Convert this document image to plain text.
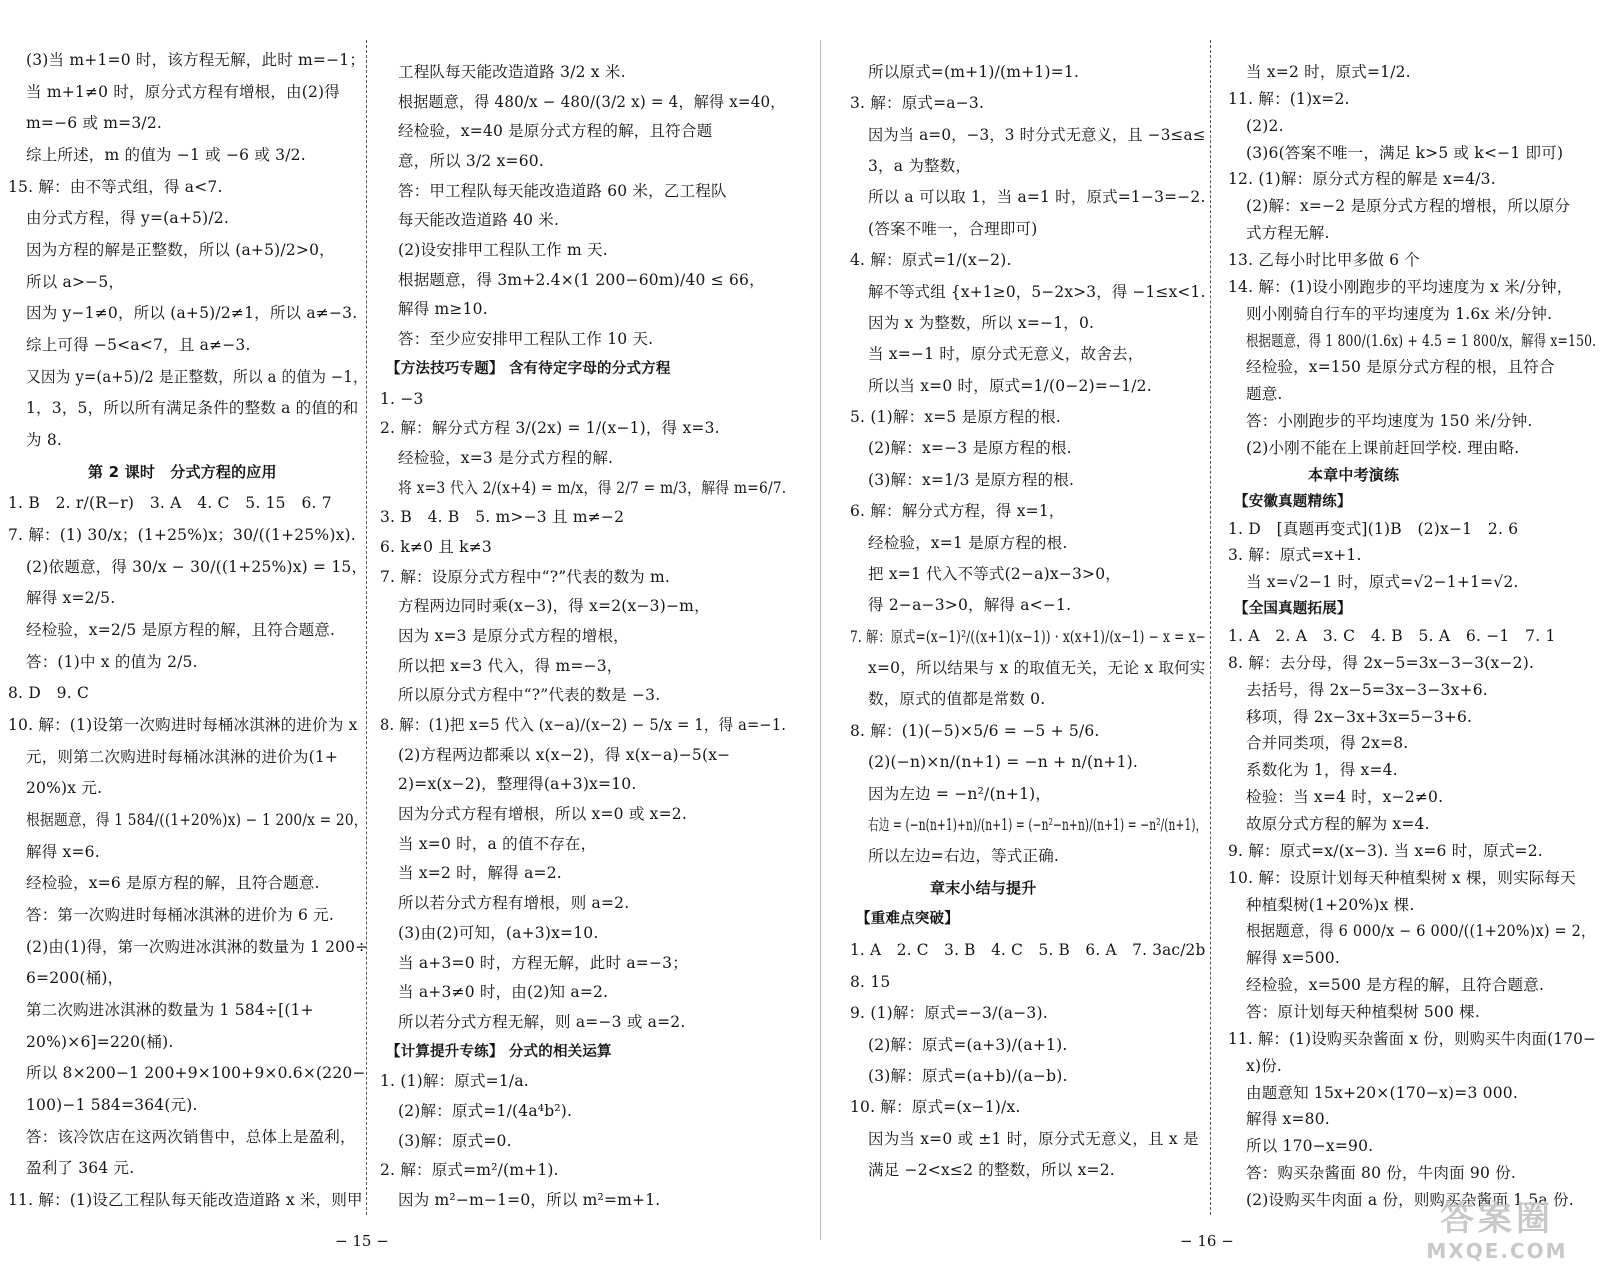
(3)当 m+1=0 时，该方程无解，此时 m=−1；
当 m+1≠0 时，原分式方程有增根，由(2)得
m=−6 或 m=3/2.
综上所述，m 的值为 −1 或 −6 或 3/2.
15. 解：由不等式组，得 a<7.
由分式方程，得 y=(a+5)/2.
因为方程的解是正整数，所以 (a+5)/2>0，
所以 a>−5，
因为 y−1≠0，所以 (a+5)/2≠1，所以 a≠−3.
综上可得 −5<a<7，且 a≠−3.
又因为 y=(a+5)/2 是正整数，所以 a 的值为 −1，
1，3，5，所以所有满足条件的整数 a 的值的和
为 8.
第 2 课时　分式方程的应用
1. B　2. r/(R−r)　3. A　4. C　5. 15　6. 7
7. 解：(1) 30/x；(1+25%)x；30/((1+25%)x).
(2)依题意，得 30/x − 30/((1+25%)x) = 15，
解得 x=2/5.
经检验，x=2/5 是原方程的解，且符合题意.
答：(1)中 x 的值为 2/5.
8. D　9. C
10. 解：(1)设第一次购进时每桶冰淇淋的进价为 x
元，则第二次购进时每桶冰淇淋的进价为(1+
20%)x 元.
根据题意，得 1 584/((1+20%)x) − 1 200/x = 20，
解得 x=6.
经检验，x=6 是原方程的解，且符合题意.
答：第一次购进时每桶冰淇淋的进价为 6 元.
(2)由(1)得，第一次购进冰淇淋的数量为 1 200÷
6=200(桶)，
第二次购进冰淇淋的数量为 1 584÷[(1+
20%)×6]=220(桶).
所以 8×200−1 200+9×100+9×0.6×(220−
100)−1 584=364(元).
答：该冷饮店在这两次销售中，总体上是盈利，
盈利了 364 元.
11. 解：(1)设乙工程队每天能改造道路 x 米，则甲
工程队每天能改造道路 3/2 x 米.
根据题意，得 480/x − 480/(3/2 x) = 4，解得 x=40，
经检验，x=40 是原分式方程的解，且符合题
意，所以 3/2 x=60.
答：甲工程队每天能改造道路 60 米，乙工程队
每天能改造道路 40 米.
(2)设安排甲工程队工作 m 天.
根据题意，得 3m+2.4×(1 200−60m)/40 ≤ 66，
解得 m≥10.
答：至少应安排甲工程队工作 10 天.
【方法技巧专题】 含有待定字母的分式方程
1. −3
2. 解：解分式方程 3/(2x) = 1/(x−1)，得 x=3.
经检验，x=3 是分式方程的解.
将 x=3 代入 2/(x+4) = m/x，得 2/7 = m/3，解得 m=6/7.
3. B　4. B　5. m>−3 且 m≠−2
6. k≠0 且 k≠3
7. 解：设原分式方程中“?”代表的数为 m.
方程两边同时乘(x−3)，得 x=2(x−3)−m，
因为 x=3 是原分式方程的增根，
所以把 x=3 代入，得 m=−3，
所以原分式方程中“?”代表的数是 −3.
8. 解：(1)把 x=5 代入 (x−a)/(x−2) − 5/x = 1，得 a=−1.
(2)方程两边都乘以 x(x−2)，得 x(x−a)−5(x−
2)=x(x−2)，整理得(a+3)x=10.
因为分式方程有增根，所以 x=0 或 x=2.
当 x=0 时，a 的值不存在，
当 x=2 时，解得 a=2.
所以若分式方程有增根，则 a=2.
(3)由(2)可知，(a+3)x=10.
当 a+3=0 时，方程无解，此时 a=−3；
当 a+3≠0 时，由(2)知 a=2.
所以若分式方程无解，则 a=−3 或 a=2.
【计算提升专练】 分式的相关运算
1. (1)解：原式=1/a.
(2)解：原式=1/(4a⁴b²).
(3)解：原式=0.
2. 解：原式=m²/(m+1).
因为 m²−m−1=0，所以 m²=m+1.
− 15 −
所以原式=(m+1)/(m+1)=1.
3. 解：原式=a−3.
因为当 a=0，−3，3 时分式无意义，且 −3≤a≤
3，a 为整数，
所以 a 可以取 1，当 a=1 时，原式=1−3=−2.
(答案不唯一，合理即可)
4. 解：原式=1/(x−2).
解不等式组 {x+1≥0，5−2x>3，得 −1≤x<1.
因为 x 为整数，所以 x=−1，0.
当 x=−1 时，原分式无意义，故舍去，
所以当 x=0 时，原式=1/(0−2)=−1/2.
5. (1)解：x=5 是原方程的根.
(2)解：x=−3 是原方程的根.
(3)解：x=1/3 是原方程的根.
6. 解：解分式方程，得 x=1，
经检验，x=1 是原方程的根.
把 x=1 代入不等式(2−a)x−3>0，
得 2−a−3>0，解得 a<−1.
7. 解：原式=(x−1)²/((x+1)(x−1)) · x(x+1)/(x−1) − x = x−
x=0，所以结果与 x 的取值无关，无论 x 取何实
数，原式的值都是常数 0.
8. 解：(1)(−5)×5/6 = −5 + 5/6.
(2)(−n)×n/(n+1) = −n + n/(n+1).
因为左边 = −n²/(n+1)，
右边 = (−n(n+1)+n)/(n+1) = (−n²−n+n)/(n+1) = −n²/(n+1)，
所以左边=右边，等式正确.
章末小结与提升
【重难点突破】
1. A　2. C　3. B　4. C　5. B　6. A　7. 3ac/2b
8. 15
9. (1)解：原式=−3/(a−3).
(2)解：原式=(a+3)/(a+1).
(3)解：原式=(a+b)/(a−b).
10. 解：原式=(x−1)/x.
因为当 x=0 或 ±1 时，原分式无意义，且 x 是
满足 −2<x≤2 的整数，所以 x=2.
当 x=2 时，原式=1/2.
11. 解：(1)x=2.
(2)2.
(3)6(答案不唯一，满足 k>5 或 k<−1 即可)
12. (1)解：原分式方程的解是 x=4/3.
(2)解：x=−2 是原分式方程的增根，所以原分
式方程无解.
13. 乙每小时比甲多做 6 个
14. 解：(1)设小刚跑步的平均速度为 x 米/分钟，
则小刚骑自行车的平均速度为 1.6x 米/分钟.
根据题意，得 1 800/(1.6x) + 4.5 = 1 800/x，解得 x=150.
经检验，x=150 是原分式方程的根，且符合
题意.
答：小刚跑步的平均速度为 150 米/分钟.
(2)小刚不能在上课前赶回学校. 理由略.
本章中考演练
【安徽真题精练】
1. D　[真题再变式](1)B　(2)x−1　2. 6
3. 解：原式=x+1.
当 x=√2−1 时，原式=√2−1+1=√2.
【全国真题拓展】
1. A　2. A　3. C　4. B　5. A　6. −1　7. 1
8. 解：去分母，得 2x−5=3x−3−3(x−2).
去括号，得 2x−5=3x−3−3x+6.
移项，得 2x−3x+3x=5−3+6.
合并同类项，得 2x=8.
系数化为 1，得 x=4.
检验：当 x=4 时，x−2≠0.
故原分式方程的解为 x=4.
9. 解：原式=x/(x−3). 当 x=6 时，原式=2.
10. 解：设原计划每天种植梨树 x 棵，则实际每天
种植梨树(1+20%)x 棵.
根据题意，得 6 000/x − 6 000/((1+20%)x) = 2，
解得 x=500.
经检验，x=500 是方程的解，且符合题意.
答：原计划每天种植梨树 500 棵.
11. 解：(1)设购买杂酱面 x 份，则购买牛肉面(170−
x)份.
由题意知 15x+20×(170−x)=3 000.
解得 x=80.
所以 170−x=90.
答：购买杂酱面 80 份，牛肉面 90 份.
(2)设购买牛肉面 a 份，则购买杂酱面 1.5a 份.
− 16 −
答案圈
MXQE.COM
